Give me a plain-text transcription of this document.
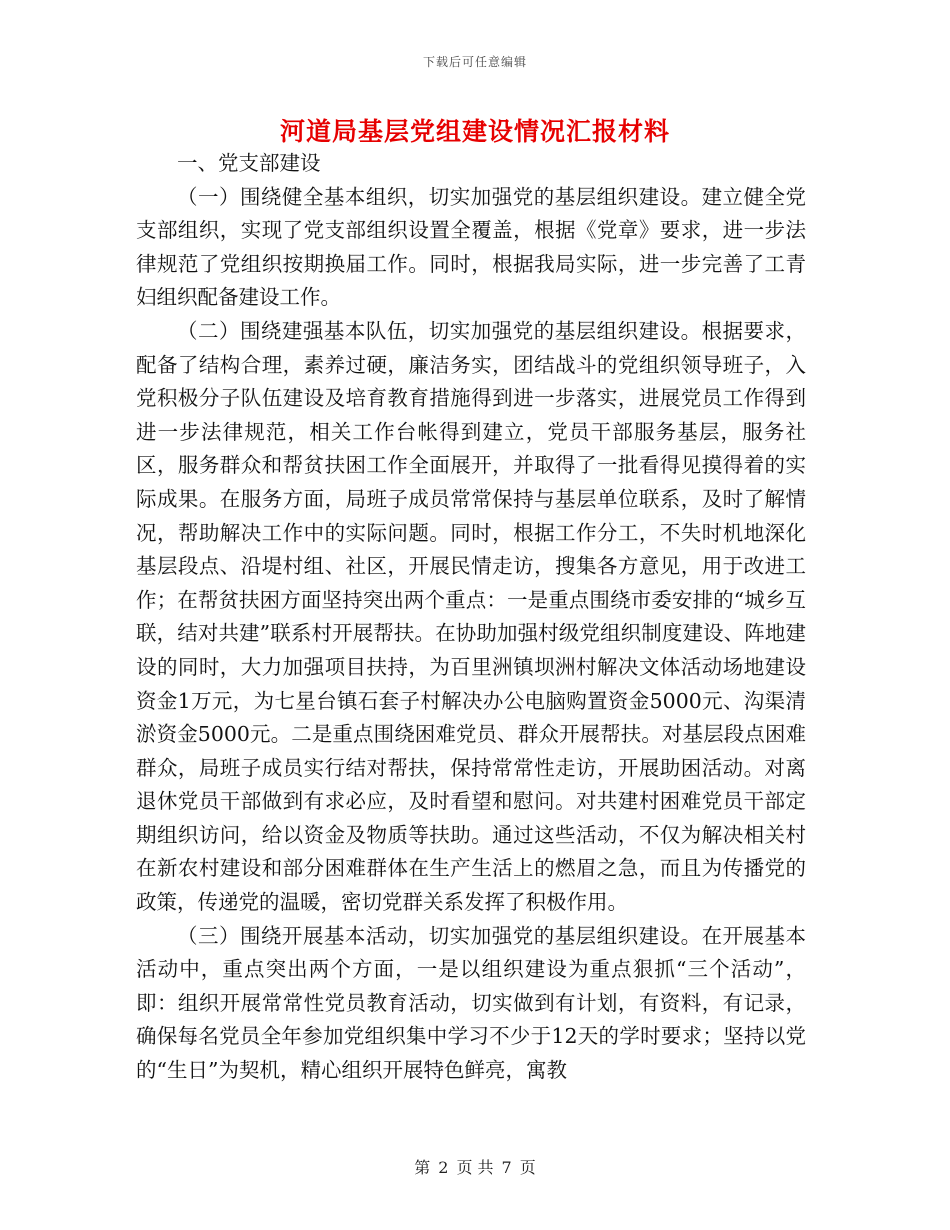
下载后可任意编辑
河道局基层党组建设情况汇报材料

一、党支部建设

（一）围绕健全基本组织，切实加强党的基层组织建设。建立健全党支部组织，实现了党支部组织设置全覆盖，根据《党章》要求，进一步法律规范了党组织按期换届工作。同时，根据我局实际，进一步完善了工青妇组织配备建设工作。

（二）围绕建强基本队伍，切实加强党的基层组织建设。根据要求，配备了结构合理，素养过硬，廉洁务实，团结战斗的党组织领导班子，入党积极分子队伍建设及培育教育措施得到进一步落实，进展党员工作得到进一步法律规范，相关工作台帐得到建立，党员干部服务基层，服务社区，服务群众和帮贫扶困工作全面展开，并取得了一批看得见摸得着的实际成果。在服务方面，局班子成员常常保持与基层单位联系，及时了解情况，帮助解决工作中的实际问题。同时，根据工作分工，不失时机地深化基层段点、沿堤村组、社区，开展民情走访，搜集各方意见，用于改进工作；在帮贫扶困方面坚持突出两个重点：一是重点围绕市委安排的“城乡互联，结对共建”联系村开展帮扶。在协助加强村级党组织制度建设、阵地建设的同时，大力加强项目扶持，为百里洲镇坝洲村解决文体活动场地建设资金1万元，为七星台镇石套子村解决办公电脑购置资金5000元、沟渠清淤资金5000元。二是重点围绕困难党员、群众开展帮扶。对基层段点困难群众，局班子成员实行结对帮扶，保持常常性走访，开展助困活动。对离退休党员干部做到有求必应，及时看望和慰问。对共建村困难党员干部定期组织访问，给以资金及物质等扶助。通过这些活动，不仅为解决相关村在新农村建设和部分困难群体在生产生活上的燃眉之急，而且为传播党的政策，传递党的温暖，密切党群关系发挥了积极作用。

（三）围绕开展基本活动，切实加强党的基层组织建设。在开展基本活动中，重点突出两个方面，一是以组织建设为重点狠抓“三个活动”，即：组织开展常常性党员教育活动，切实做到有计划，有资料，有记录，确保每名党员全年参加党组织集中学习不少于12天的学时要求；坚持以党的“生日”为契机，精心组织开展特色鲜亮，寓教

第 2 页 共 7 页
